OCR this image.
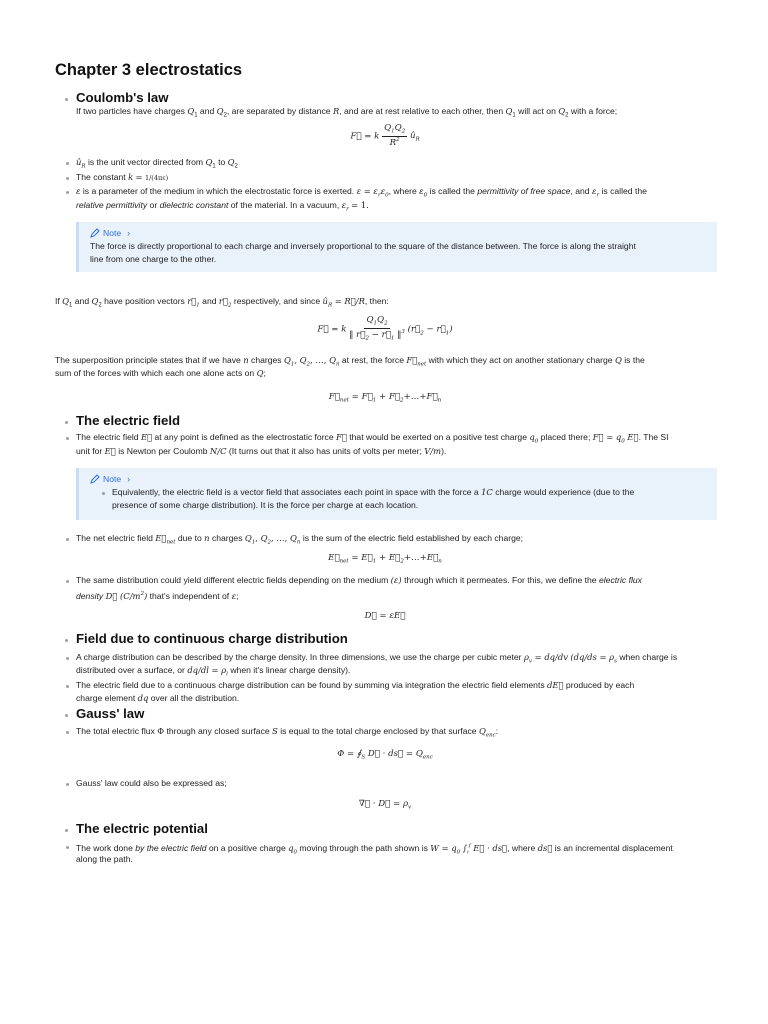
Chapter 3 electrostatics
Coulomb's law
If two particles have charges $Q_1$ and $Q_2$, are separated by distance R, and are at rest relative to each other, then $Q_1$ will act on $Q_2$ with a force;
F⃗ = k $\frac{Q_1Q_2}{R^2}$ $û_R$
$û_R$ is the unit vector directed from $Q_1$ to $Q_2$
The constant k = 1/(4πε)
ε is a parameter of the medium in which the electrostatic force is exerted. $\varepsilon = \varepsilon_r\varepsilon_0$, where $\varepsilon_0$ is called the permittivity of free space, and $\varepsilon_r$ is called the
relative permittivity or dielectric constant of the material. In a vacuum, $\varepsilon_r = 1$.
Note ›
The force is directly proportional to each charge and inversely proportional to the square of the distance between. The force is along the straight
line from one charge to the other.
If $Q_1$ and $Q_2$ have position vectors $r⃗_1$ and $r⃗_2$ respectively, and since $û_R$ = R⃗/R, then:
F⃗ = k $\frac{Q_1Q_2}{‖ r⃗_2 - r⃗_1 ‖^3}$ ($r⃗_2$ − $r⃗_1$)
The superposition principle states that if we have n charges $Q_1$, $Q_2$, …, $Q_n$ at rest, the force $F⃗_{net}$ with which they act on another stationary charge Q is the
sum of the forces with which each one alone acts on Q;
$F⃗_{net}$ = $F⃗_1$ + $F⃗_2+\dots+F⃗_n$
The electric field
The electric field E⃗ at any point is defined as the electrostatic force F⃗ that would be exerted on a positive test charge $q_0$ placed there; F⃗ = $q_0$ E⃗. The SI
unit for E⃗ is Newton per Coulomb N/C (It turns out that it also has units of volts per meter; V/m).
Note ›
Equivalently, the electric field is a vector field that associates each point in space with the force a 1C charge would experience (due to the
presence of some charge distribution). It is the force per charge at each location.
The net electric field $E⃗_{net}$ due to n charges $Q_1$, $Q_2$, …, $Q_n$ is the sum of the electric field established by each charge;
$E⃗_{net}$ = $E⃗_1$ + $E⃗_2+\dots+E⃗_n$
The same distribution could yield different electric fields depending on the medium (ε) through which it permeates. For this, we define the electric flux
density D⃗ $(C/m^2)$ that's independent of ε;
D⃗ = εE⃗
Field due to continuous charge distribution
A charge distribution can be described by the charge density. In three dimensions, we use the charge per cubic meter $\rho_v = dq/dv$ ($dq/ds = \rho_s$ when charge is
distributed over a surface, or $dq/dl = \rho_l$ when it's linear charge density).
The electric field due to a continuous charge distribution can be found by summing via integration the electric field elements dE⃗ produced by each
charge element dq over all the distribution.
Gauss' law
The total electric flux Φ through any closed surface S is equal to the total charge enclosed by that surface $Q_{enc}$:
$\Phi = ∮_S$ D⃗ · ds⃗ = $Q_{enc}$
Gauss' law could also be expressed as;
∇⃗ · D⃗ = $\rho_v$
The electric potential
The work done by the electric field on a positive charge $q_0$ moving through the path shown is $W = q_0$ $\int_i^f$ E⃗ · ds⃗, where ds⃗ is an incremental displacement
along the path.
